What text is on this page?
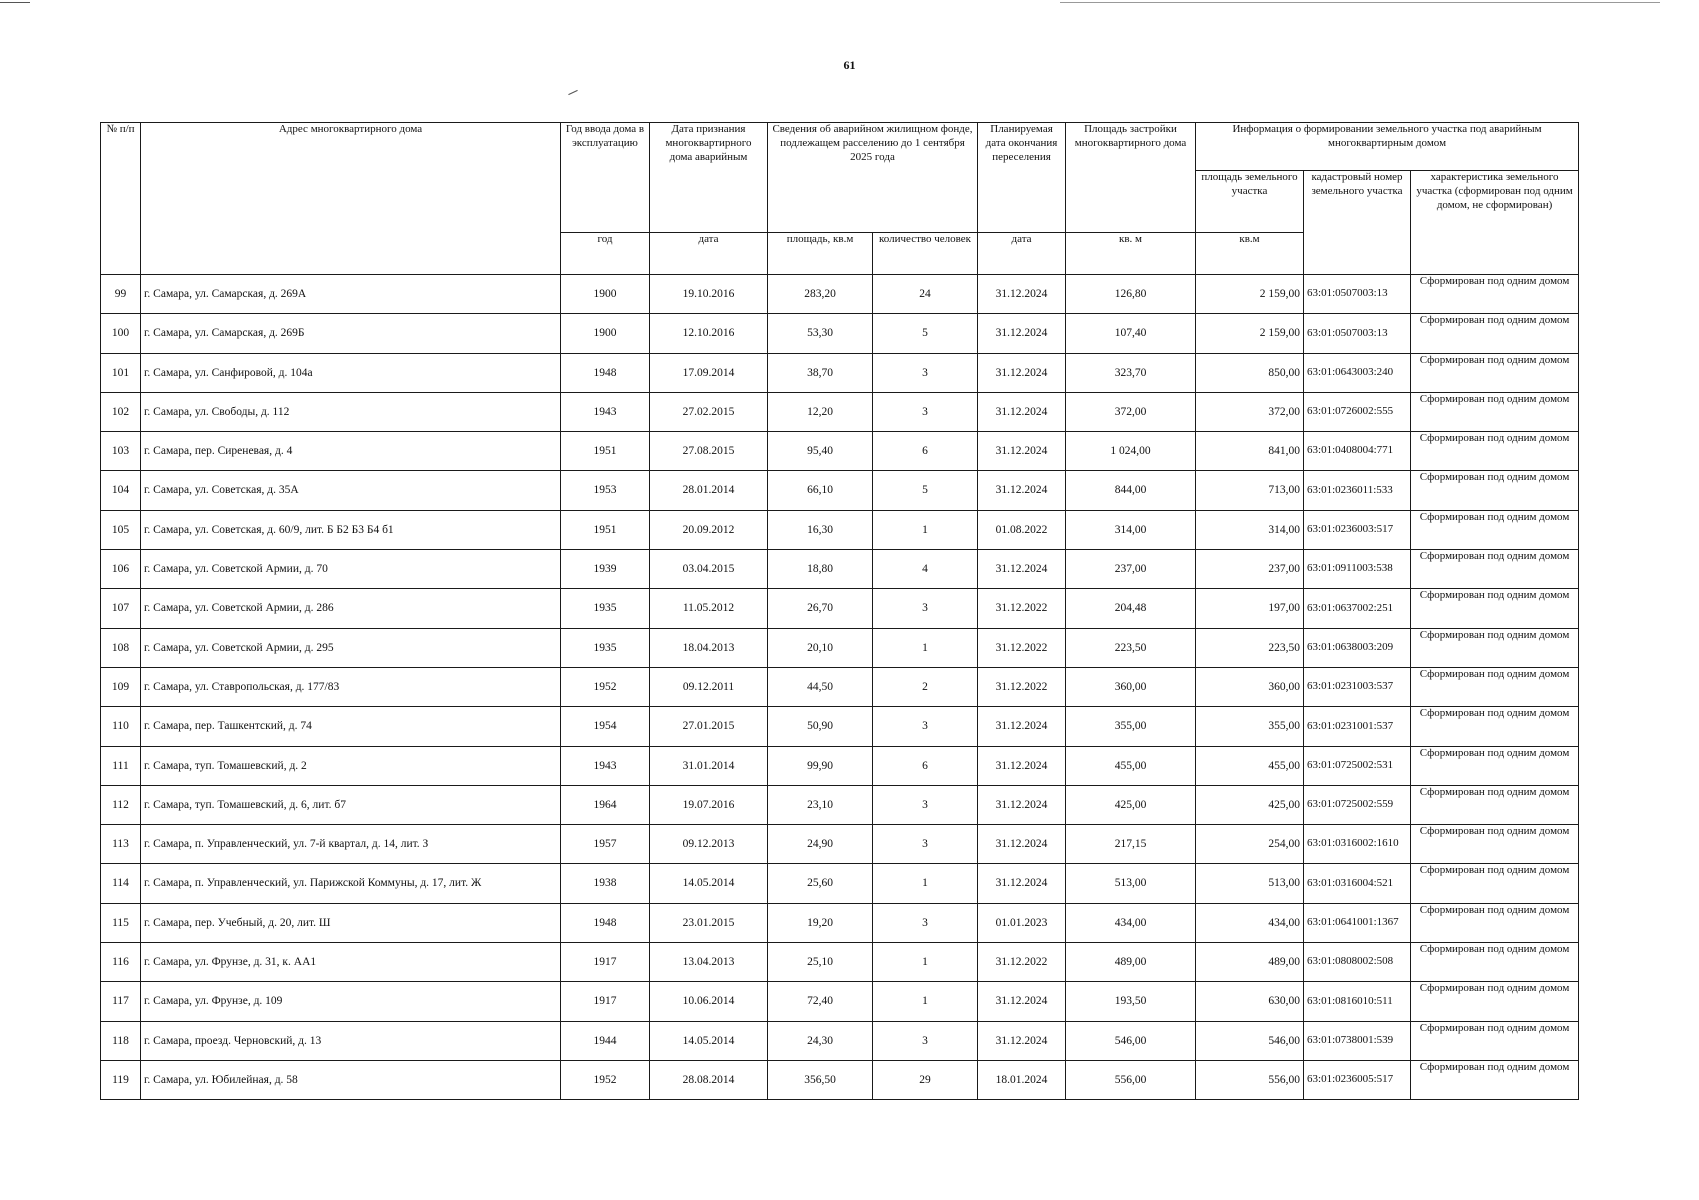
61
№ п/п	Адрес многоквартирного дома	Год ввода дома в эксплуатацию	Дата признания многоквартирного дома аварийным	Сведения об аварийном жилищном фонде, подлежащем расселению до 1 сентября 2025 года		Планируемая дата окончания переселения	Площадь застройки многоквартирного дома	Информация о формировании земельного участка под аварийным многоквартирным домом		
								площадь земельного участка	кадастровый номер земельного участка	характеристика земельного участка (сформирован под одним домом, не сформирован)
		год	дата	площадь, кв.м	количество человек	дата	кв. м	кв.м		
99	г. Самара, ул. Самарская, д. 269А	1900	19.10.2016	283,20	24	31.12.2024	126,80	2 159,00	63:01:0507003:13	Сформирован под одним домом
100	г. Самара, ул. Самарская, д. 269Б	1900	12.10.2016	53,30	5	31.12.2024	107,40	2 159,00	63:01:0507003:13	Сформирован под одним домом
101	г. Самара, ул. Санфировой, д. 104а	1948	17.09.2014	38,70	3	31.12.2024	323,70	850,00	63:01:0643003:240	Сформирован под одним домом
102	г. Самара, ул. Свободы, д. 112	1943	27.02.2015	12,20	3	31.12.2024	372,00	372,00	63:01:0726002:555	Сформирован под одним домом
103	г. Самара, пер. Сиреневая, д. 4	1951	27.08.2015	95,40	6	31.12.2024	1 024,00	841,00	63:01:0408004:771	Сформирован под одним домом
104	г. Самара, ул. Советская, д. 35А	1953	28.01.2014	66,10	5	31.12.2024	844,00	713,00	63:01:0236011:533	Сформирован под одним домом
105	г. Самара, ул. Советская, д. 60/9, лит. Б Б2 Б3 Б4 б1	1951	20.09.2012	16,30	1	01.08.2022	314,00	314,00	63:01:0236003:517	Сформирован под одним домом
106	г. Самара, ул. Советской Армии, д. 70	1939	03.04.2015	18,80	4	31.12.2024	237,00	237,00	63:01:0911003:538	Сформирован под одним домом
107	г. Самара, ул. Советской Армии, д. 286	1935	11.05.2012	26,70	3	31.12.2022	204,48	197,00	63:01:0637002:251	Сформирован под одним домом
108	г. Самара, ул. Советской Армии, д. 295	1935	18.04.2013	20,10	1	31.12.2022	223,50	223,50	63:01:0638003:209	Сформирован под одним домом
109	г. Самара, ул. Ставропольская, д. 177/83	1952	09.12.2011	44,50	2	31.12.2022	360,00	360,00	63:01:0231003:537	Сформирован под одним домом
110	г. Самара, пер. Ташкентский, д. 74	1954	27.01.2015	50,90	3	31.12.2024	355,00	355,00	63:01:0231001:537	Сформирован под одним домом
111	г. Самара, туп. Томашевский, д. 2	1943	31.01.2014	99,90	6	31.12.2024	455,00	455,00	63:01:0725002:531	Сформирован под одним домом
112	г. Самара, туп. Томашевский, д. 6, лит. б7	1964	19.07.2016	23,10	3	31.12.2024	425,00	425,00	63:01:0725002:559	Сформирован под одним домом
113	г. Самара, п. Управленческий, ул. 7-й квартал, д. 14, лит. З	1957	09.12.2013	24,90	3	31.12.2024	217,15	254,00	63:01:0316002:1610	Сформирован под одним домом
114	г. Самара, п. Управленческий, ул. Парижской Коммуны, д. 17, лит. Ж	1938	14.05.2014	25,60	1	31.12.2024	513,00	513,00	63:01:0316004:521	Сформирован под одним домом
115	г. Самара, пер. Учебный, д. 20, лит. Ш	1948	23.01.2015	19,20	3	01.01.2023	434,00	434,00	63:01:0641001:1367	Сформирован под одним домом
116	г. Самара, ул. Фрунзе, д. 31, к. АА1	1917	13.04.2013	25,10	1	31.12.2022	489,00	489,00	63:01:0808002:508	Сформирован под одним домом
117	г. Самара, ул. Фрунзе, д. 109	1917	10.06.2014	72,40	1	31.12.2024	193,50	630,00	63:01:0816010:511	Сформирован под одним домом
118	г. Самара, проезд. Черновский, д. 13	1944	14.05.2014	24,30	3	31.12.2024	546,00	546,00	63:01:0738001:539	Сформирован под одним домом
119	г. Самара, ул. Юбилейная, д. 58	1952	28.08.2014	356,50	29	18.01.2024	556,00	556,00	63:01:0236005:517	Сформирован под одним домом
